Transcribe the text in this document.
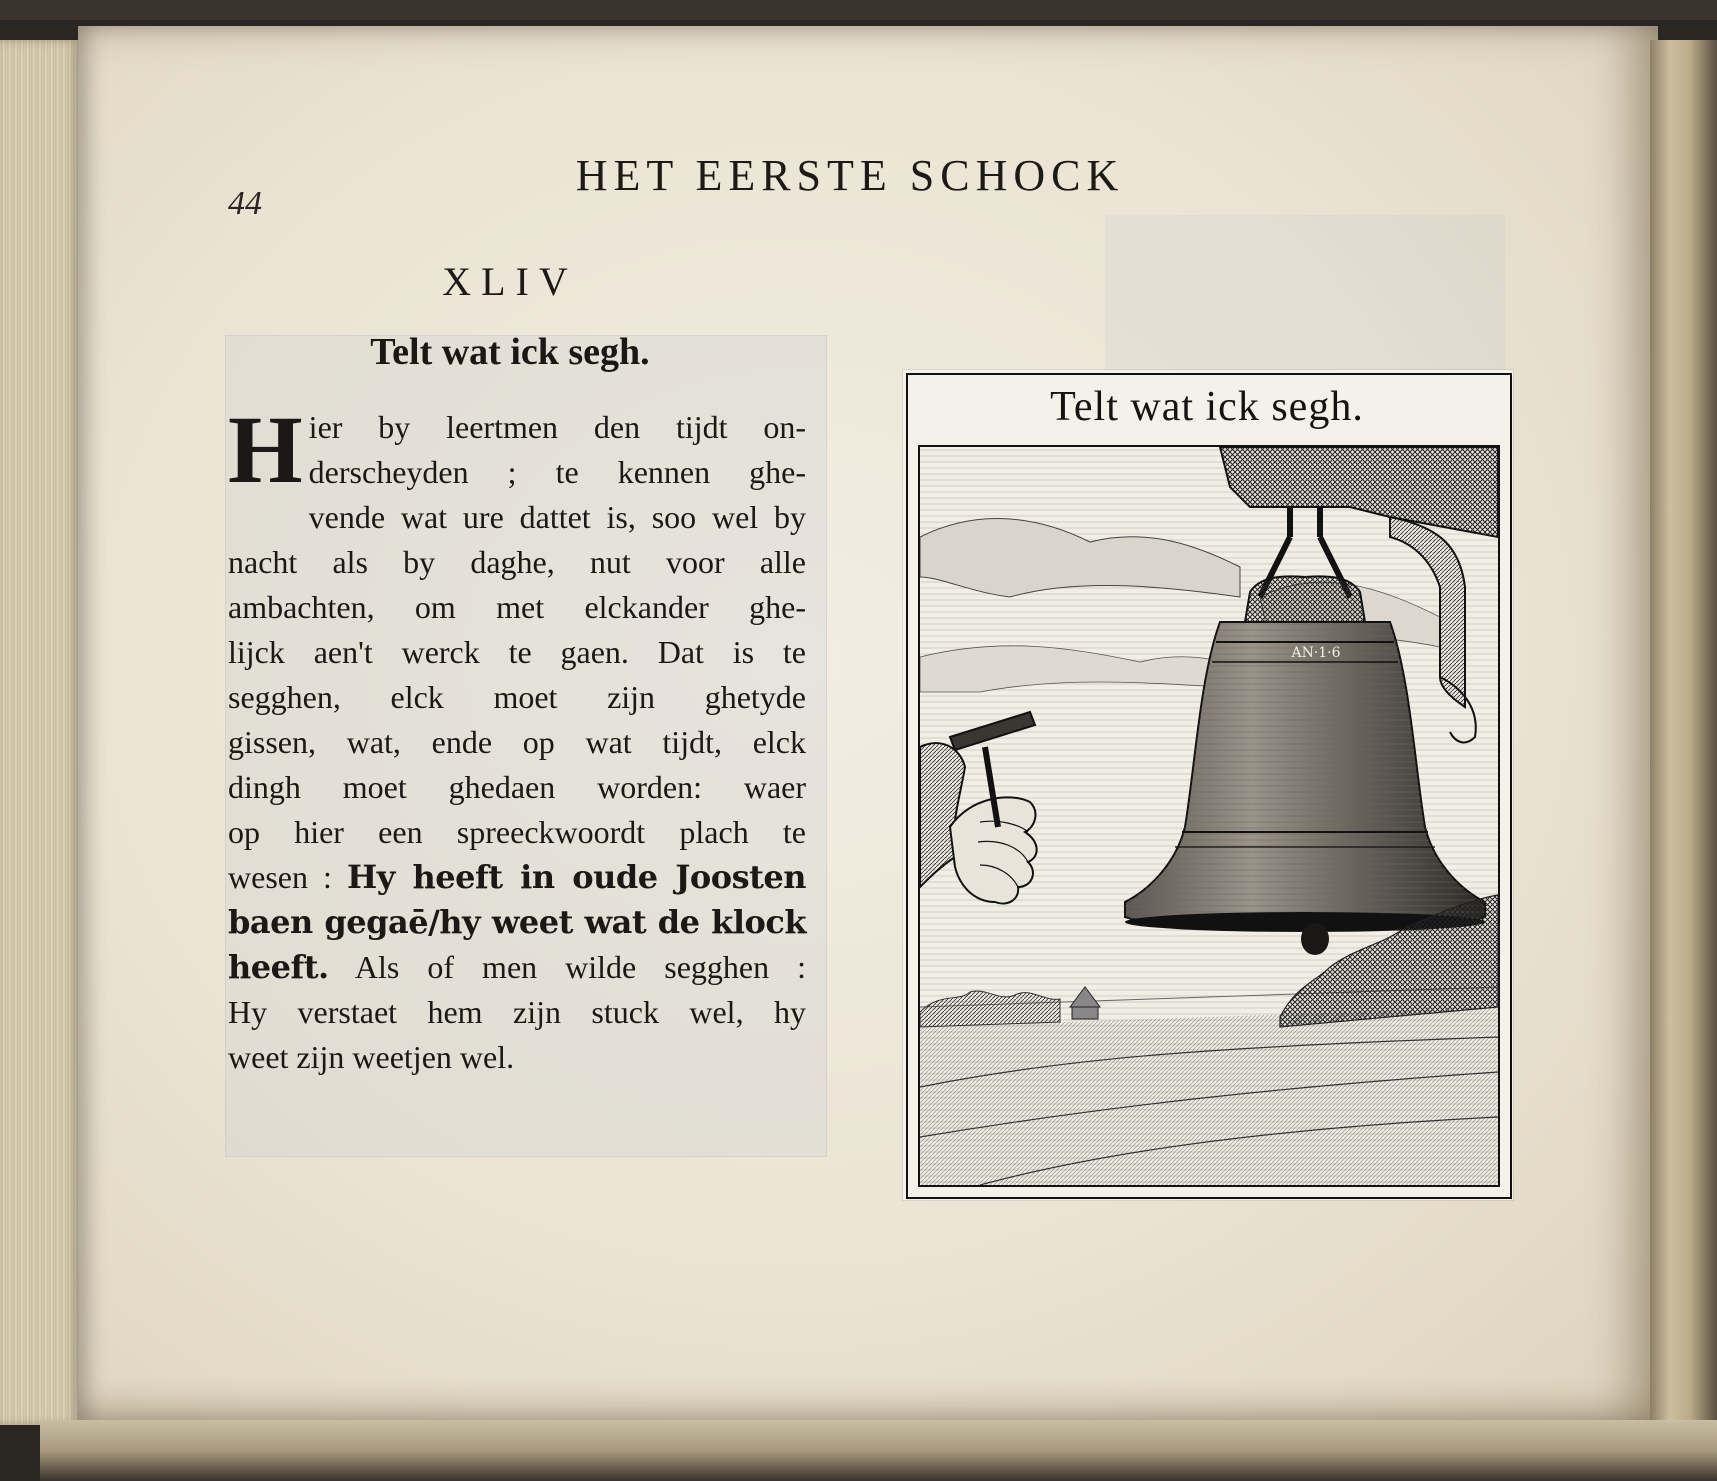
44
HET EERSTE SCHOCK
XLIV
Telt wat ick segh.
H ier by leertmen den tijdt on-
derscheyden ; te kennen ghe-
vende wat ure dattet is, soo wel by
nacht als by daghe, nut voor alle
ambachten, om met elckander ghe-
lijck aen't werck te gaen. Dat is te
segghen, elck moet zijn ghetyde
gissen, wat, ende op wat tijdt, elck
dingh moet ghedaen worden: waer
op hier een spreeckwoordt plach te
wesen : Hy heeft in oude Joosten
baen gegaē/hy weet wat de klock
heeft. Als of men wilde segghen :
Hy verstaet hem zijn stuck wel, hy
weet zijn weetjen wel.
Telt wat ick segh.
AN·1·6
